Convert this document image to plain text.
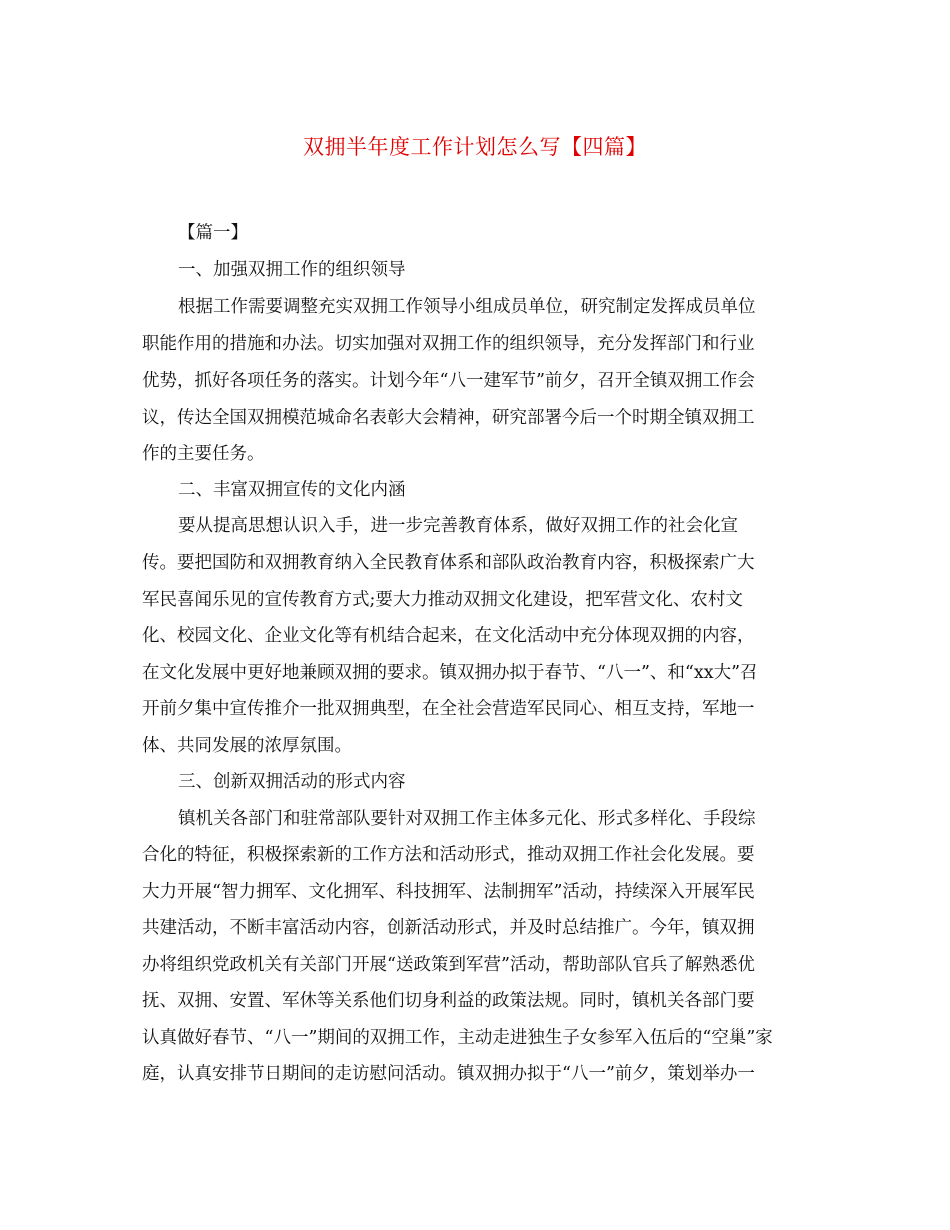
双拥半年度工作计划怎么写【四篇】
【篇一】
一、加强双拥工作的组织领导
根据工作需要调整充实双拥工作领导小组成员单位，研究制定发挥成员单位
职能作用的措施和办法。切实加强对双拥工作的组织领导，充分发挥部门和行业
优势，抓好各项任务的落实。计划今年“八一建军节”前夕，召开全镇双拥工作会
议，传达全国双拥模范城命名表彰大会精神，研究部署今后一个时期全镇双拥工
作的主要任务。
二、丰富双拥宣传的文化内涵
要从提高思想认识入手，进一步完善教育体系，做好双拥工作的社会化宣
传。要把国防和双拥教育纳入全民教育体系和部队政治教育内容，积极探索广大
军民喜闻乐见的宣传教育方式;要大力推动双拥文化建设，把军营文化、农村文
化、校园文化、企业文化等有机结合起来，在文化活动中充分体现双拥的内容，
在文化发展中更好地兼顾双拥的要求。镇双拥办拟于春节、“八一”、和“xx大”召
开前夕集中宣传推介一批双拥典型，在全社会营造军民同心、相互支持，军地一
体、共同发展的浓厚氛围。
三、创新双拥活动的形式内容
镇机关各部门和驻常部队要针对双拥工作主体多元化、形式多样化、手段综
合化的特征，积极探索新的工作方法和活动形式，推动双拥工作社会化发展。要
大力开展“智力拥军、文化拥军、科技拥军、法制拥军”活动，持续深入开展军民
共建活动，不断丰富活动内容，创新活动形式，并及时总结推广。今年，镇双拥
办将组织党政机关有关部门开展“送政策到军营”活动，帮助部队官兵了解熟悉优
抚、双拥、安置、军休等关系他们切身利益的政策法规。同时，镇机关各部门要
认真做好春节、“八一”期间的双拥工作，主动走进独生子女参军入伍后的“空巢”家
庭，认真安排节日期间的走访慰问活动。镇双拥办拟于“八一”前夕，策划举办一
